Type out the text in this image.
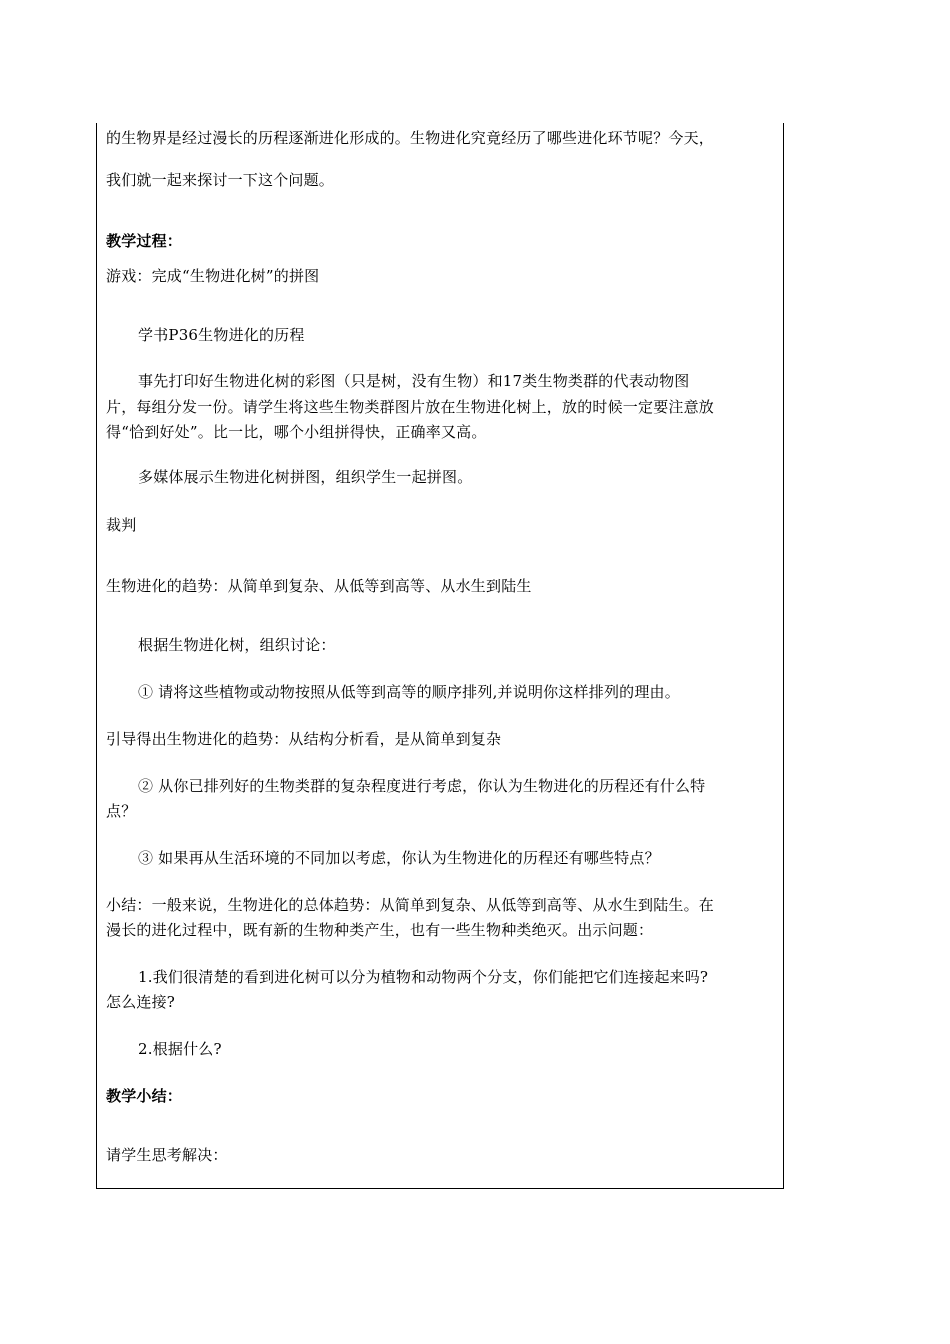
的生物界是经过漫长的历程逐渐进化形成的。生物进化究竟经历了哪些进化环节呢？今天，
我们就一起来探讨一下这个问题。
教学过程：
游戏：完成“生物进化树”的拼图
学书P36生物进化的历程
事先打印好生物进化树的彩图（只是树，没有生物）和17类生物类群的代表动物图
片，每组分发一份。请学生将这些生物类群图片放在生物进化树上，放的时候一定要注意放
得“恰到好处”。比一比，哪个小组拼得快，正确率又高。
多媒体展示生物进化树拼图，组织学生一起拼图。
裁判
生物进化的趋势：从简单到复杂、从低等到高等、从水生到陆生
根据生物进化树，组织讨论：
① 请将这些植物或动物按照从低等到高等的顺序排列,并说明你这样排列的理由。
引导得出生物进化的趋势：从结构分析看，是从简单到复杂
② 从你已排列好的生物类群的复杂程度进行考虑，你认为生物进化的历程还有什么特
点？
③ 如果再从生活环境的不同加以考虑，你认为生物进化的历程还有哪些特点？
小结：一般来说，生物进化的总体趋势：从简单到复杂、从低等到高等、从水生到陆生。在
漫长的进化过程中，既有新的生物种类产生，也有一些生物种类绝灭。出示问题：
1.我们很清楚的看到进化树可以分为植物和动物两个分支，你们能把它们连接起来吗?
怎么连接?
2.根据什么?
教学小结：
请学生思考解决：
